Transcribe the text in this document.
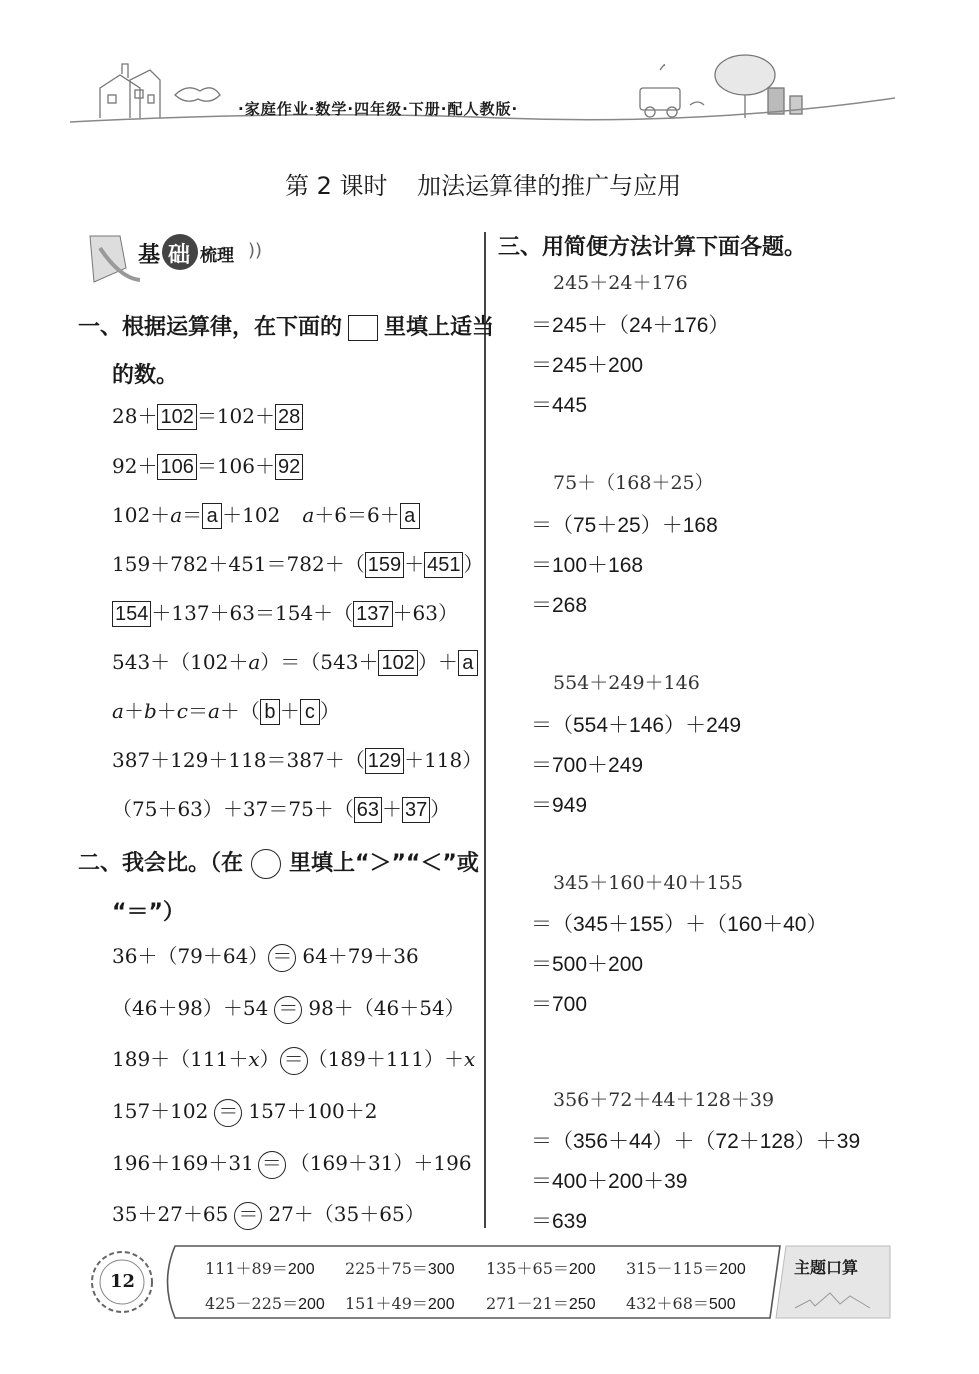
·家庭作业·数学·四年级·下册·配人教版·
第 2 课时 加法运算律的推广与应用
基 础 梳理 ))
一、根据运算律，在下面的 里填上适当
的数。
28＋ 102 ＝102＋ 28
92＋ 106 ＝106＋ 92
102＋a＝ a ＋102 a＋6＝6＋ a
159＋782＋451＝782＋（ 159 ＋ 451 ）
154 ＋137＋63＝154＋（ 137 ＋63）
543＋（102＋a）＝（543＋ 102 ）＋ a
a＋b＋c＝a＋（ b ＋ c ）
387＋129＋118＝387＋（ 129 ＋118）
（75＋63）＋37＝75＋（ 63 ＋ 37 ）
二、我会比。（在 里填上“＞”“＜”或
“＝”）
36＋（79＋64） ＝ 64＋79＋36
（46＋98）＋54 ＝ 98＋（46＋54）
189＋（111＋x） ＝ （189＋111）＋x
157＋102 ＝ 157＋100＋2
196＋169＋31 ＝ （169＋31）＋196
35＋27＋65 ＝ 27＋（35＋65）
三、用简便方法计算下面各题。
245＋24＋176
＝245＋（24＋176）
＝245＋200
＝445
75＋（168＋25）
＝（75＋25）＋168
＝100＋168
＝268
554＋249＋146
＝（554＋146）＋249
＝700＋249
＝949
345＋160＋40＋155
＝（345＋155）＋（160＋40）
＝500＋200
＝700
356＋72＋44＋128＋39
＝（356＋44）＋（72＋128）＋39
＝400＋200＋39
＝639
12
主题口算
111＋89＝200 225＋75＝300 135＋65＝200 315－115＝200
425－225＝200 151＋49＝200 271－21＝250 432＋68＝500
